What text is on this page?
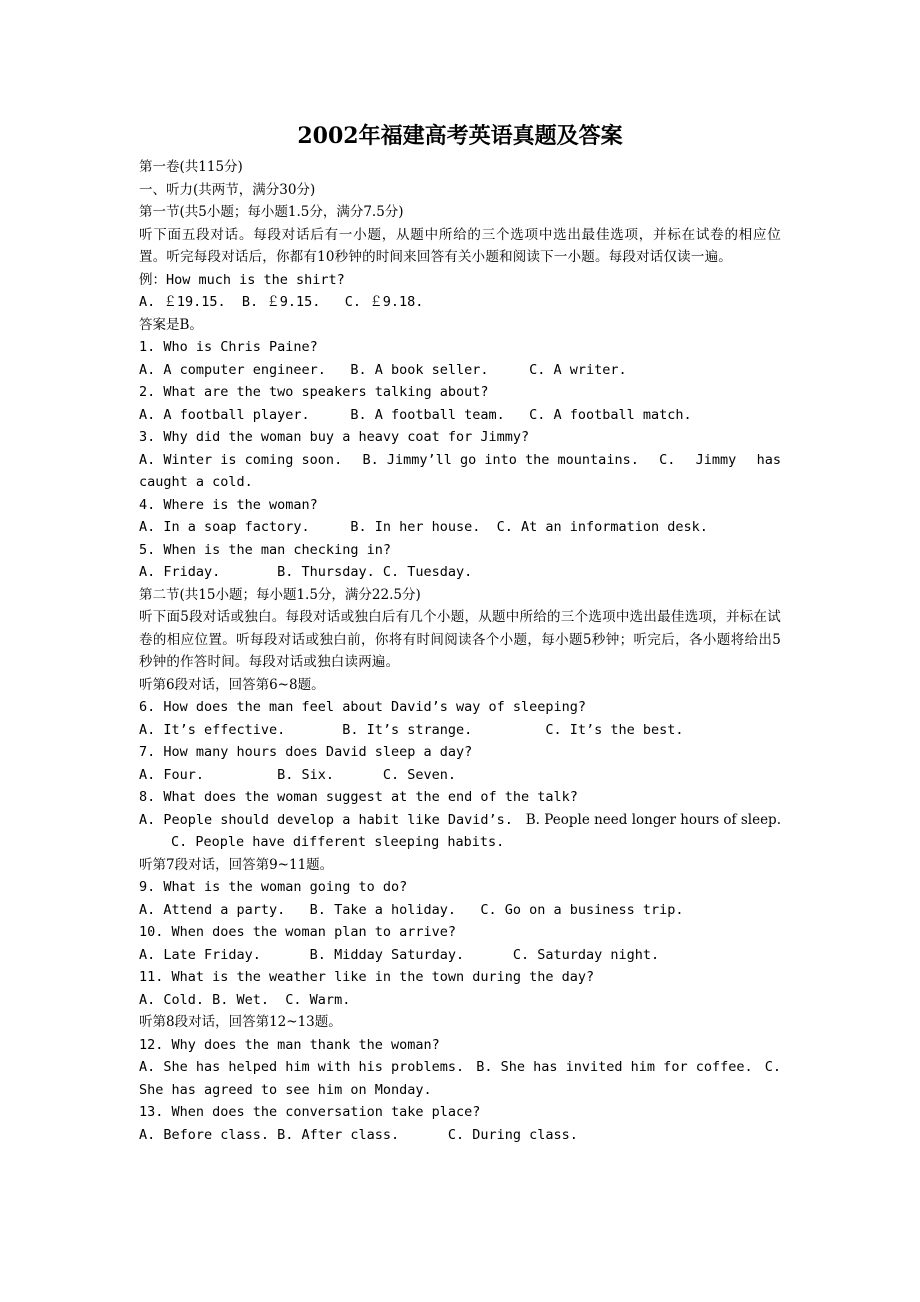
2002年福建高考英语真题及答案
第一卷(共115分)
一、听力(共两节，满分30分)
第一节(共5小题；每小题1.5分，满分7.5分)
听下面五段对话。每段对话后有一小题，从题中所给的三个选项中选出最佳选项，并标在试卷的相应位置。听完每段对话后，你都有10秒钟的时间来回答有关小题和阅读下一小题。每段对话仅读一遍。
例：How much is the shirt?
A. ￡19.15.  B. ￡9.15.   C. ￡9.18.
答案是B。
1. Who is Chris Paine?
A. A computer engineer.   B. A book seller.     C. A writer.
2. What are the two speakers talking about?
A. A football player.     B. A football team.   C. A football match.
3. Why did the woman buy a heavy coat for Jimmy?
A. Winter is coming soon. B. Jimmy’ll go into the mountains. C. Jimmy has
caught a cold.
4. Where is the woman?
A. In a soap factory.     B. In her house.  C. At an information desk.
5. When is the man checking in?
A. Friday.       B. Thursday. C. Tuesday.
第二节(共15小题；每小题1.5分，满分22.5分)
听下面5段对话或独白。每段对话或独白后有几个小题，从题中所给的三个选项中选出最佳选项，并标在试卷的相应位置。听每段对话或独白前，你将有时间阅读各个小题，每小题5秒钟；听完后，各小题将给出5秒钟的作答时间。每段对话或独白读两遍。
听第6段对话，回答第6~8题。
6. How does the man feel about David’s way of sleeping?
A. It’s effective.       B. It’s strange.         C. It’s the best.
7. How many hours does David sleep a day?
A. Four.         B. Six.      C. Seven.
8. What does the woman suggest at the end of the talk?
A. People should develop a habit like David’s. B. People need longer hours of sleep.
C. People have different sleeping habits.
听第7段对话，回答第9~11题。
9. What is the woman going to do?
A. Attend a party.   B. Take a holiday.   C. Go on a business trip.
10. When does the woman plan to arrive?
A. Late Friday.      B. Midday Saturday.      C. Saturday night.
11. What is the weather like in the town during the day?
A. Cold. B. Wet.  C. Warm.
听第8段对话，回答第12~13题。
12. Why does the man thank the woman?
A. She has helped him with his problems. B. She has invited him for coffee. C.
She has agreed to see him on Monday.
13. When does the conversation take place?
A. Before class. B. After class.      C. During class.
